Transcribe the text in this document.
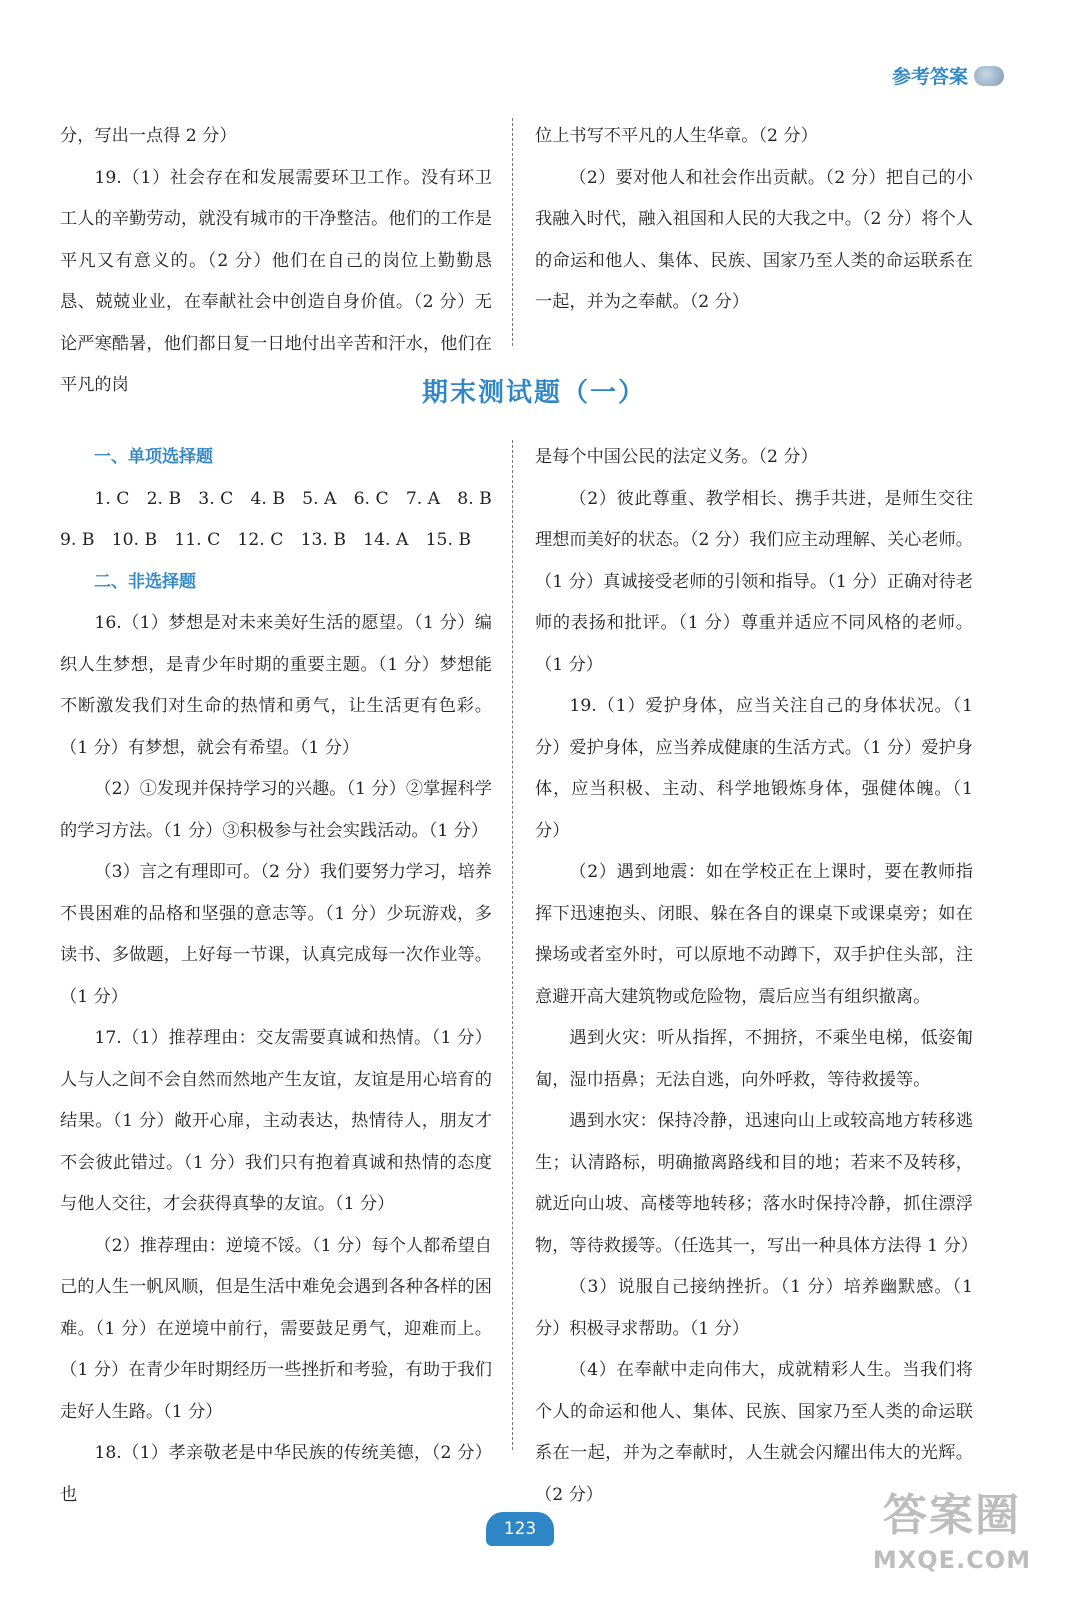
参考答案

分，写出一点得 2 分）

19.（1）社会存在和发展需要环卫工作。没有环卫工人的辛勤劳动，就没有城市的干净整洁。他们的工作是平凡又有意义的。（2 分）他们在自己的岗位上勤勤恳恳、兢兢业业，在奉献社会中创造自身价值。（2 分）无论严寒酷暑，他们都日复一日地付出辛苦和汗水，他们在平凡的岗

位上书写不平凡的人生华章。（2 分）

（2）要对他人和社会作出贡献。（2 分）把自己的小我融入时代，融入祖国和人民的大我之中。（2 分）将个人的命运和他人、集体、民族、国家乃至人类的命运联系在一起，并为之奉献。（2 分）

期末测试题（一）
一、单项选择题

1. C　2. B　3. C　4. B　5. A　6. C　7. A　8. B

9. B　10. B　11. C　12. C　13. B　14. A　15. B

二、非选择题

16.（1）梦想是对未来美好生活的愿望。（1 分）编织人生梦想，是青少年时期的重要主题。（1 分）梦想能不断激发我们对生命的热情和勇气，让生活更有色彩。（1 分）有梦想，就会有希望。（1 分）

（2）①发现并保持学习的兴趣。（1 分）②掌握科学的学习方法。（1 分）③积极参与社会实践活动。（1 分）

（3）言之有理即可。（2 分）我们要努力学习，培养不畏困难的品格和坚强的意志等。（1 分）少玩游戏，多读书、多做题，上好每一节课，认真完成每一次作业等。（1 分）

17.（1）推荐理由：交友需要真诚和热情。（1 分）人与人之间不会自然而然地产生友谊，友谊是用心培育的结果。（1 分）敞开心扉，主动表达，热情待人，朋友才不会彼此错过。（1 分）我们只有抱着真诚和热情的态度与他人交往，才会获得真挚的友谊。（1 分）

（2）推荐理由：逆境不馁。（1 分）每个人都希望自己的人生一帆风顺，但是生活中难免会遇到各种各样的困难。（1 分）在逆境中前行，需要鼓足勇气，迎难而上。（1 分）在青少年时期经历一些挫折和考验，有助于我们走好人生路。（1 分）

18.（1）孝亲敬老是中华民族的传统美德，（2 分）也

是每个中国公民的法定义务。（2 分）

（2）彼此尊重、教学相长、携手共进，是师生交往理想而美好的状态。（2 分）我们应主动理解、关心老师。（1 分）真诚接受老师的引领和指导。（1 分）正确对待老师的表扬和批评。（1 分）尊重并适应不同风格的老师。（1 分）

19.（1）爱护身体，应当关注自己的身体状况。（1 分）爱护身体，应当养成健康的生活方式。（1 分）爱护身体，应当积极、主动、科学地锻炼身体，强健体魄。（1 分）

（2）遇到地震：如在学校正在上课时，要在教师指挥下迅速抱头、闭眼、躲在各自的课桌下或课桌旁；如在操场或者室外时，可以原地不动蹲下，双手护住头部，注意避开高大建筑物或危险物，震后应当有组织撤离。

遇到火灾：听从指挥，不拥挤，不乘坐电梯，低姿匍匐，湿巾捂鼻；无法自逃，向外呼救，等待救援等。

遇到水灾：保持冷静，迅速向山上或较高地方转移逃生；认清路标，明确撤离路线和目的地；若来不及转移，就近向山坡、高楼等地转移；落水时保持冷静，抓住漂浮物，等待救援等。（任选其一，写出一种具体方法得 1 分）

（3）说服自己接纳挫折。（1 分）培养幽默感。（1 分）积极寻求帮助。（1 分）

（4）在奉献中走向伟大，成就精彩人生。当我们将个人的命运和他人、集体、民族、国家乃至人类的命运联系在一起，并为之奉献时，人生就会闪耀出伟大的光辉。（2 分）

123	答案圈
MXQE.COM
